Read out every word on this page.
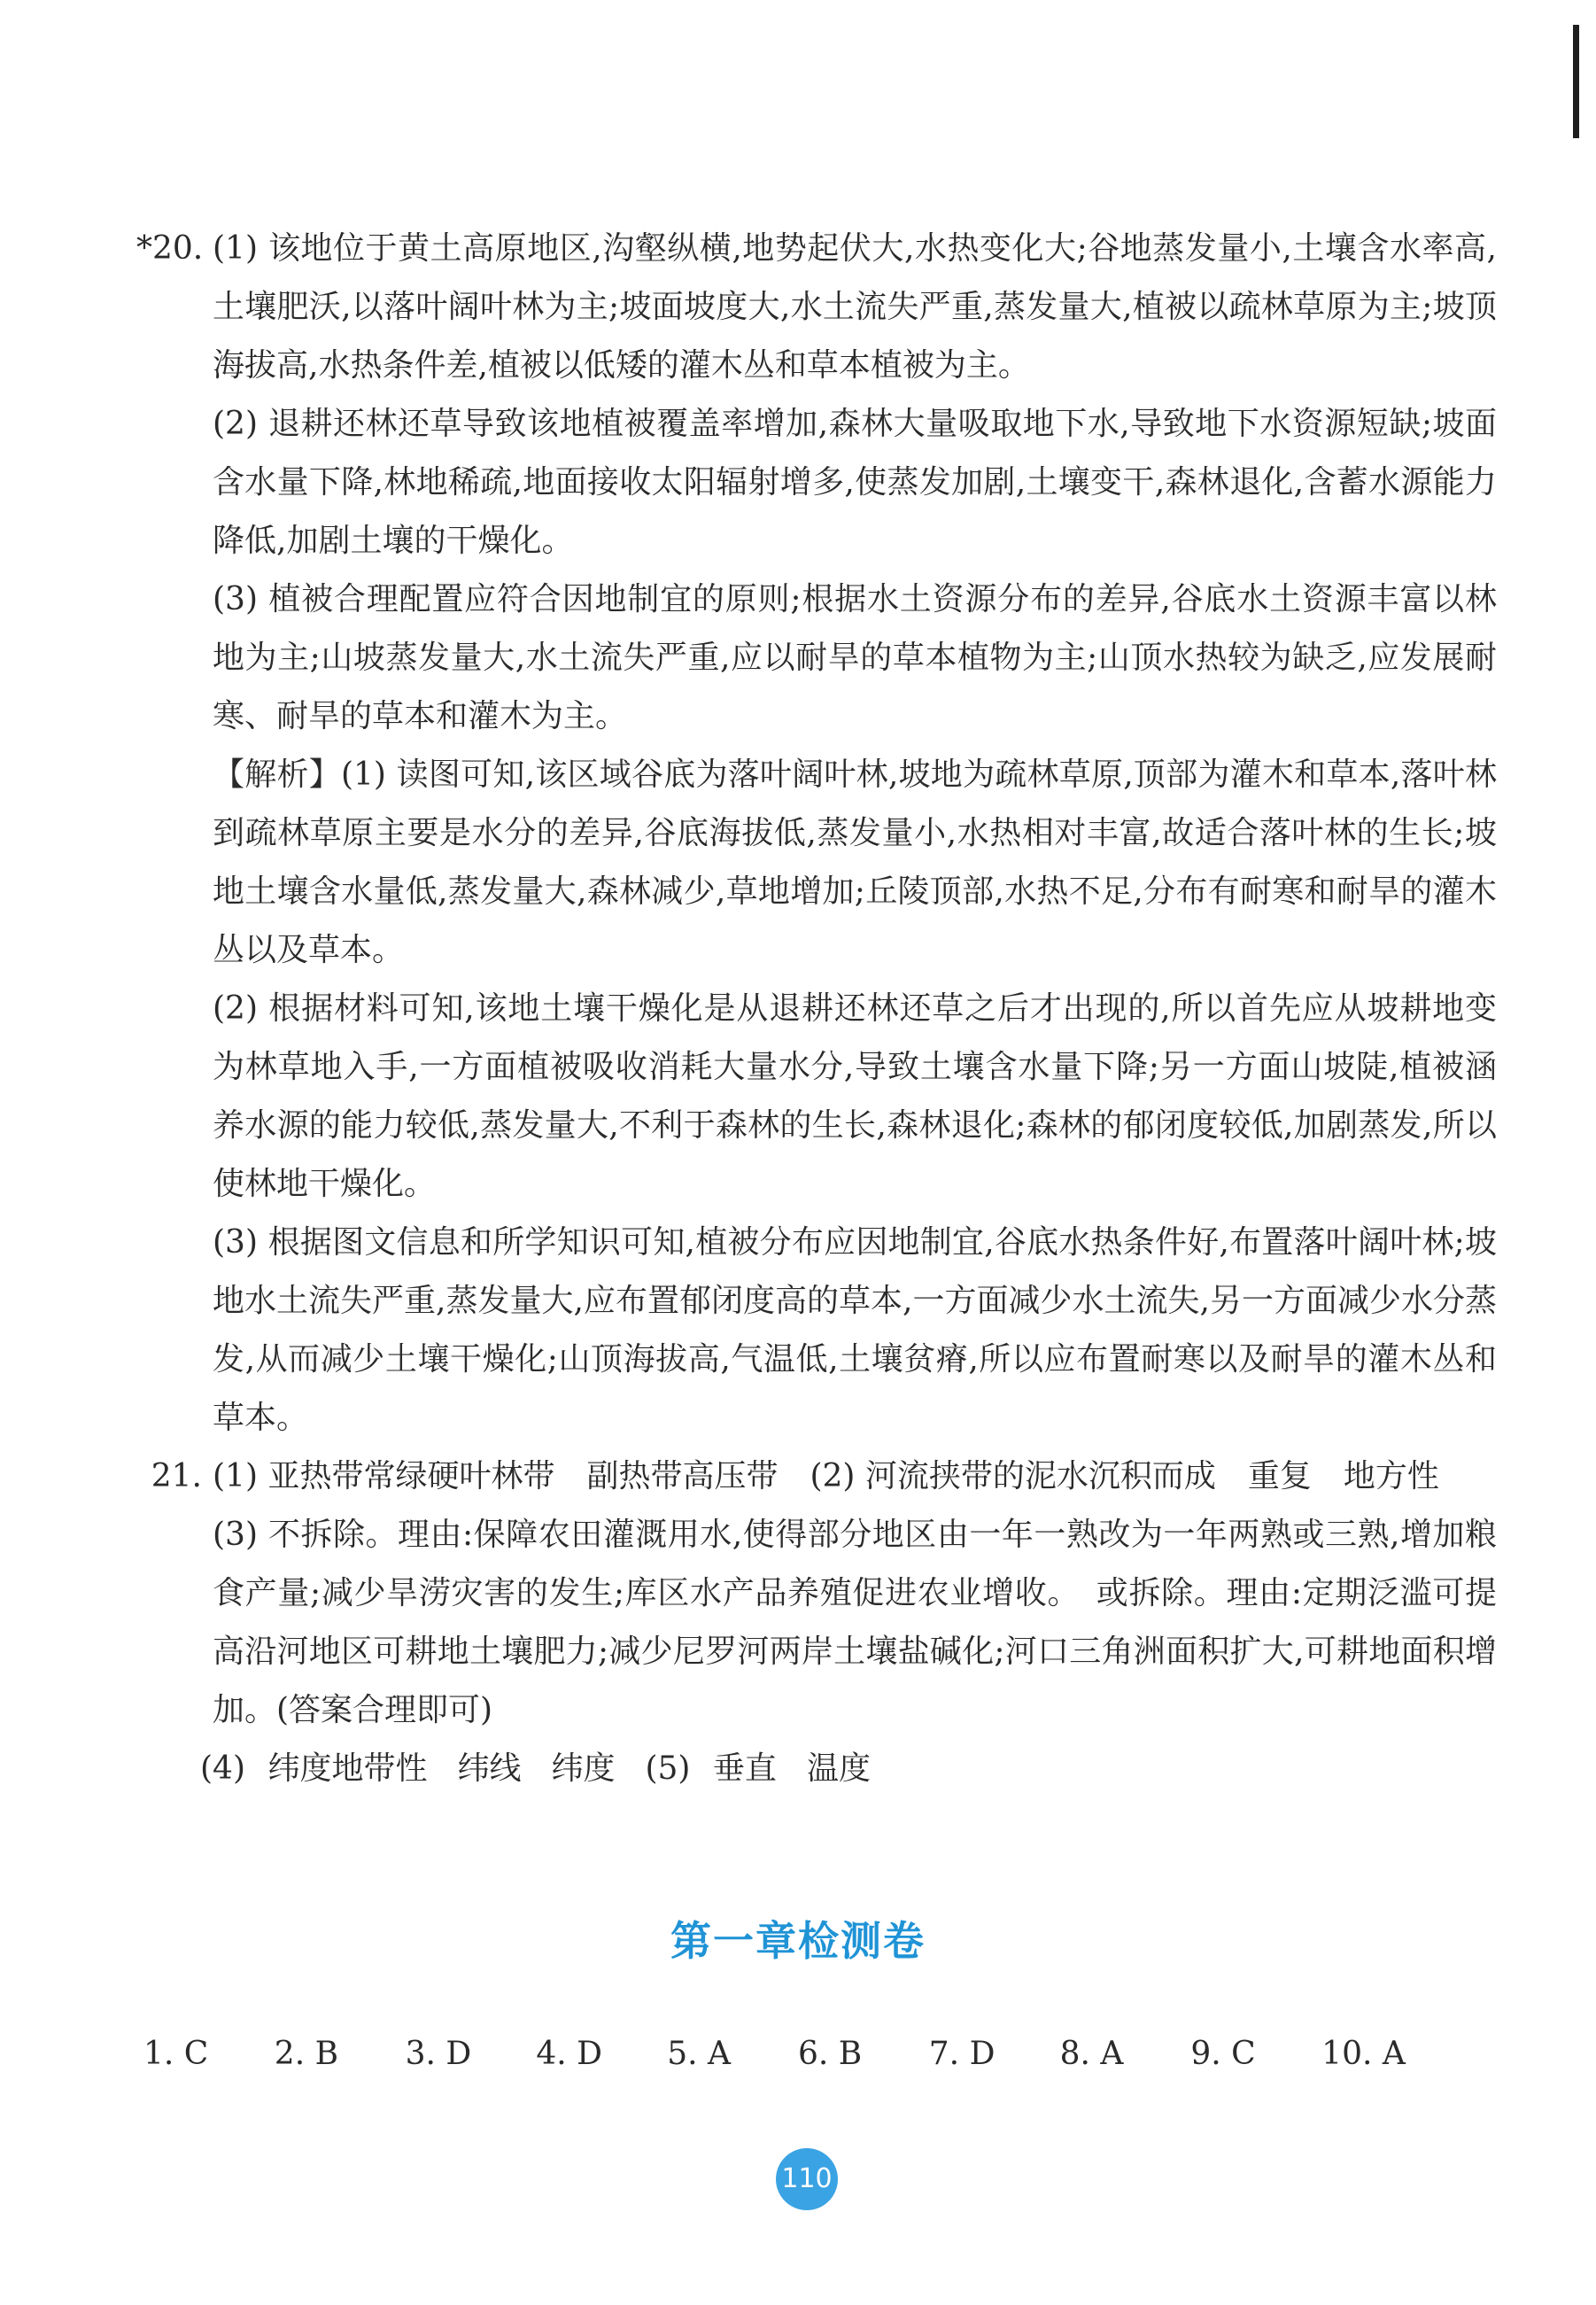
*20. (1) 该地位于黄土高原地区,沟壑纵横,地势起伏大,水热变化大;谷地蒸发量小,土壤含水率高,土壤肥沃,以落叶阔叶林为主;坡面坡度大,水土流失严重,蒸发量大,植被以疏林草原为主;坡顶海拔高,水热条件差,植被以低矮的灌木丛和草本植被为主。

(2) 退耕还林还草导致该地植被覆盖率增加,森林大量吸取地下水,导致地下水资源短缺;坡面含水量下降,林地稀疏,地面接收太阳辐射增多,使蒸发加剧,土壤变干,森林退化,含蓄水源能力降低,加剧土壤的干燥化。

(3) 植被合理配置应符合因地制宜的原则;根据水土资源分布的差异,谷底水土资源丰富以林地为主;山坡蒸发量大,水土流失严重,应以耐旱的草本植物为主;山顶水热较为缺乏,应发展耐寒、耐旱的草本和灌木为主。

【解析】(1) 读图可知,该区域谷底为落叶阔叶林,坡地为疏林草原,顶部为灌木和草本,落叶林到疏林草原主要是水分的差异,谷底海拔低,蒸发量小,水热相对丰富,故适合落叶林的生长;坡地土壤含水量低,蒸发量大,森林减少,草地增加;丘陵顶部,水热不足,分布有耐寒和耐旱的灌木丛以及草本。

(2) 根据材料可知,该地土壤干燥化是从退耕还林还草之后才出现的,所以首先应从坡耕地变为林草地入手,一方面植被吸收消耗大量水分,导致土壤含水量下降;另一方面山坡陡,植被涵养水源的能力较低,蒸发量大,不利于森林的生长,森林退化;森林的郁闭度较低,加剧蒸发,所以使林地干燥化。

(3) 根据图文信息和所学知识可知,植被分布应因地制宜,谷底水热条件好,布置落叶阔叶林;坡地水土流失严重,蒸发量大,应布置郁闭度高的草本,一方面减少水土流失,另一方面减少水分蒸发,从而减少土壤干燥化;山顶海拔高,气温低,土壤贫瘠,所以应布置耐寒以及耐旱的灌木丛和草本。

21. (1) 亚热带常绿硬叶林带　副热带高压带　(2) 河流挟带的泥水沉积而成　重复　地方性

(3) 不拆除。理由:保障农田灌溉用水,使得部分地区由一年一熟改为一年两熟或三熟,增加粮食产量;减少旱涝灾害的发生;库区水产品养殖促进农业增收。　或拆除。理由:定期泛滥可提高沿河地区可耕地土壤肥力;减少尼罗河两岸土壤盐碱化;河口三角洲面积扩大,可耕地面积增加。(答案合理即可)

(4) 纬度地带性 纬线 纬度 (5) 垂直 温度

第一章检测卷
1. C	2. B	3. D	4. D	5. A	6. B	7. D	8. A	9. C	10. A
110
